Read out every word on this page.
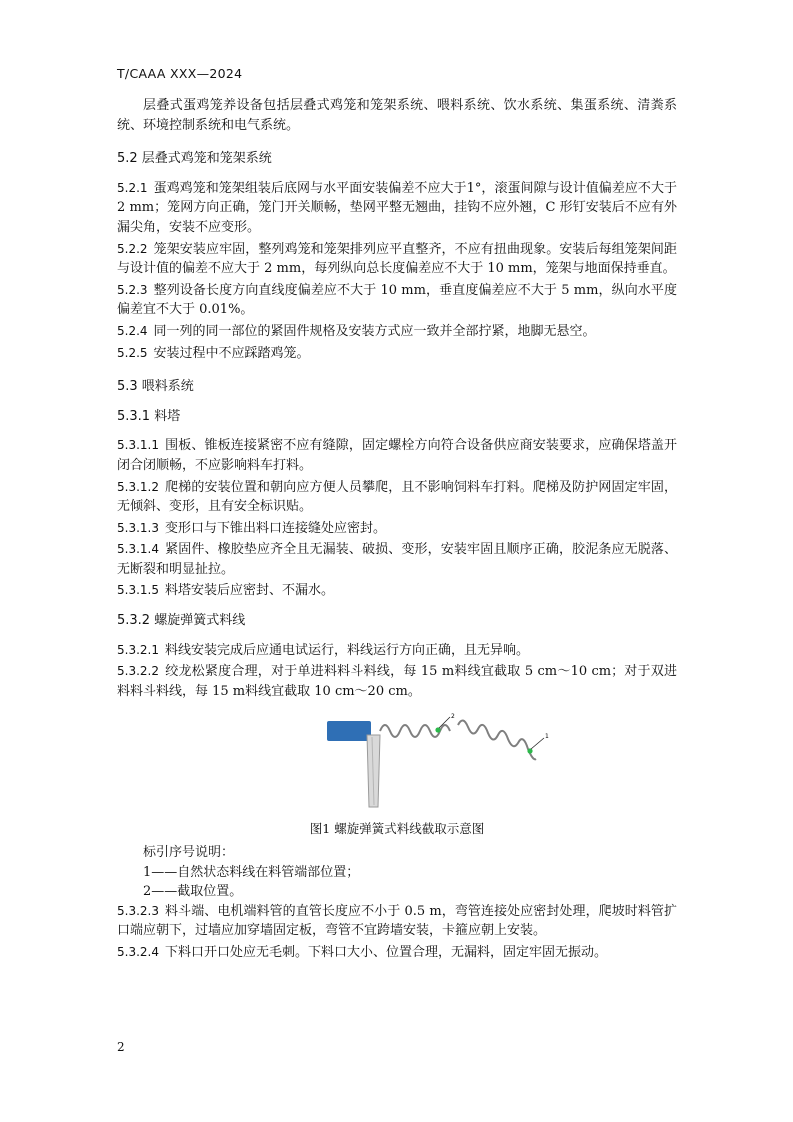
T/CAAA XXX—2024

层叠式蛋鸡笼养设备包括层叠式鸡笼和笼架系统、喂料系统、饮水系统、集蛋系统、清粪系统、环境控制系统和电气系统。

5.2 层叠式鸡笼和笼架系统

5.2.1 蛋鸡鸡笼和笼架组装后底网与水平面安装偏差不应大于1°，滚蛋间隙与设计值偏差应不大于 2 mm；笼网方向正确，笼门开关顺畅，垫网平整无翘曲，挂钩不应外翘，C 形钉安装后不应有外漏尖角，安装不应变形。

5.2.2 笼架安装应牢固，整列鸡笼和笼架排列应平直整齐，不应有扭曲现象。安装后每组笼架间距与设计值的偏差不应大于 2 mm，每列纵向总长度偏差应不大于 10 mm，笼架与地面保持垂直。

5.2.3 整列设备长度方向直线度偏差应不大于 10 mm，垂直度偏差应不大于 5 mm，纵向水平度偏差宜不大于 0.01%。

5.2.4 同一列的同一部位的紧固件规格及安装方式应一致并全部拧紧，地脚无悬空。

5.2.5 安装过程中不应踩踏鸡笼。

5.3 喂料系统
5.3.1 料塔

5.3.1.1 围板、锥板连接紧密不应有缝隙，固定螺栓方向符合设备供应商安装要求，应确保塔盖开闭合闭顺畅，不应影响料车打料。

5.3.1.2 爬梯的安装位置和朝向应方便人员攀爬，且不影响饲料车打料。爬梯及防护网固定牢固，无倾斜、变形，且有安全标识贴。

5.3.1.3 变形口与下锥出料口连接缝处应密封。

5.3.1.4 紧固件、橡胶垫应齐全且无漏装、破损、变形，安装牢固且顺序正确，胶泥条应无脱落、无断裂和明显扯拉。

5.3.1.5 料塔安装后应密封、不漏水。

5.3.2 螺旋弹簧式料线

5.3.2.1 料线安装完成后应通电试运行，料线运行方向正确，且无异响。

5.3.2.2 绞龙松紧度合理，对于单进料料斗料线，每 15 m料线宜截取 5 cm～10 cm；对于双进料料斗料线，每 15 m料线宜截取 10 cm～20 cm。

2
1
图1 螺旋弹簧式料线截取示意图

标引序号说明：

1——自然状态料线在料管端部位置；

2——截取位置。

5.3.2.3 料斗端、电机端料管的直管长度应不小于 0.5 m，弯管连接处应密封处理，爬坡时料管扩口端应朝下，过墙应加穿墙固定板，弯管不宜跨墙安装，卡箍应朝上安装。

5.3.2.4 下料口开口处应无毛刺。下料口大小、位置合理，无漏料，固定牢固无振动。

2
